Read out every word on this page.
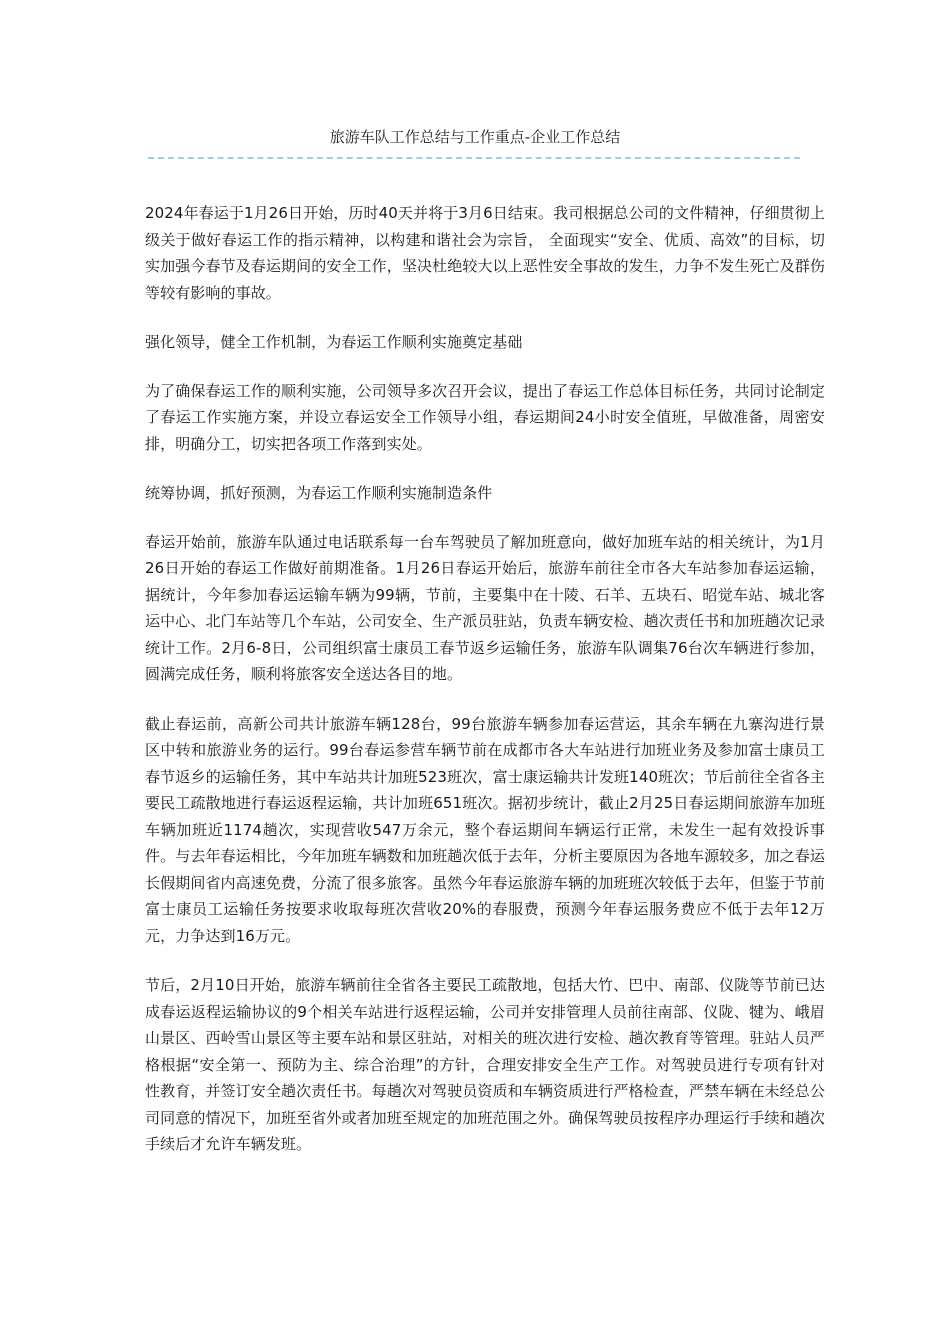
旅游车队工作总结与工作重点-企业工作总结

2024年春运于1月26日开始，历时40天并将于3月6日结束。我司根据总公司的文件精神，仔细贯彻上级关于做好春运工作的指示精神，以构建和谐社会为宗旨， 全面现实“安全、优质、高效”的目标，切实加强今春节及春运期间的安全工作，坚决杜绝较大以上恶性安全事故的发生，力争不发生死亡及群伤等较有影响的事故。

强化领导，健全工作机制，为春运工作顺利实施奠定基础

为了确保春运工作的顺利实施，公司领导多次召开会议，提出了春运工作总体目标任务，共同讨论制定了春运工作实施方案，并设立春运安全工作领导小组，春运期间24小时安全值班，早做准备，周密安排，明确分工，切实把各项工作落到实处。

统筹协调，抓好预测，为春运工作顺利实施制造条件

春运开始前，旅游车队通过电话联系每一台车驾驶员了解加班意向，做好加班车站的相关统计，为1月26日开始的春运工作做好前期准备。1月26日春运开始后，旅游车前往全市各大车站参加春运运输，据统计，今年参加春运运输车辆为99辆，节前，主要集中在十陵、石羊、五块石、昭觉车站、城北客运中心、北门车站等几个车站，公司安全、生产派员驻站，负责车辆安检、趟次责任书和加班趟次记录统计工作。2月6-8日，公司组织富士康员工春节返乡运输任务，旅游车队调集76台次车辆进行参加，圆满完成任务，顺利将旅客安全送达各目的地。

截止春运前，高新公司共计旅游车辆128台，99台旅游车辆参加春运营运，其余车辆在九寨沟进行景区中转和旅游业务的运行。99台春运参营车辆节前在成都市各大车站进行加班业务及参加富士康员工春节返乡的运输任务，其中车站共计加班523班次，富士康运输共计发班140班次；节后前往全省各主要民工疏散地进行春运返程运输，共计加班651班次。据初步统计，截止2月25日春运期间旅游车加班车辆加班近1174趟次，实现营收547万余元，整个春运期间车辆运行正常，未发生一起有效投诉事件。与去年春运相比，今年加班车辆数和加班趟次低于去年，分析主要原因为各地车源较多，加之春运长假期间省内高速免费，分流了很多旅客。虽然今年春运旅游车辆的加班班次较低于去年，但鉴于节前富士康员工运输任务按要求收取每班次营收20%的春服费，预测今年春运服务费应不低于去年12万元，力争达到16万元。

节后，2月10日开始，旅游车辆前往全省各主要民工疏散地，包括大竹、巴中、南部、仪陇等节前已达成春运返程运输协议的9个相关车站进行返程运输，公司并安排管理人员前往南部、仪陇、犍为、峨眉山景区、西岭雪山景区等主要车站和景区驻站，对相关的班次进行安检、趟次教育等管理。驻站人员严格根据“安全第一、预防为主、综合治理”的方针，合理安排安全生产工作。对驾驶员进行专项有针对性教育，并签订安全趟次责任书。每趟次对驾驶员资质和车辆资质进行严格检查，严禁车辆在未经总公司同意的情况下，加班至省外或者加班至规定的加班范围之外。确保驾驶员按程序办理运行手续和趟次手续后才允许车辆发班。
